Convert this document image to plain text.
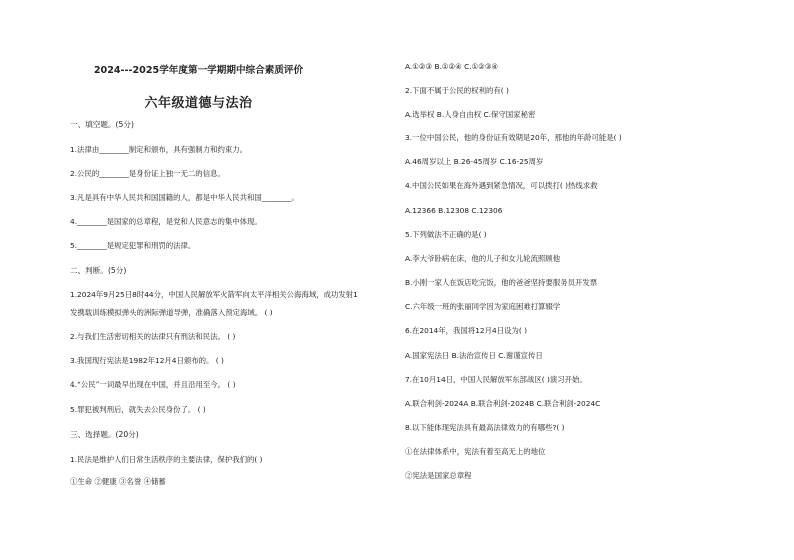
2024---2025学年度第一学期期中综合素质评价
六年级道德与法治
一、填空题。(5分)
1.法律由________制定和颁布，具有强制力和约束力。
2.公民的________是身份证上独一无二的信息。
3.凡是具有中华人民共和国国籍的人，都是中华人民共和国________。
4.________是国家的总章程，是党和人民意志的集中体现。
5.________是规定犯罪和刑罚的法律。
二、判断。(5分)
1.2024年9月25日8时44分，中国人民解放军火箭军向太平洋相关公海海域，成功发射1
发携载训练模拟弹头的洲际弹道导弹，准确落入预定海域。 ( )
2.与我们生活密切相关的法律只有刑法和民法。 ( )
3.我国现行宪法是1982年12月4日颁布的。 ( )
4.“公民”一词最早出现在中国，并且沿用至今。 ( )
5.罪犯被判刑后，就失去公民身份了。 ( )
三、选择题。(20分)
1.民法是维护人们日常生活秩序的主要法律，保护我们的( )
①生命 ②健康 ③名誉 ④储蓄
A.①②③ B.①②④ C.①②③④
2.下面不属于公民的权利的有( )
A.选举权 B.人身自由权 C.保守国家秘密
3.一位中国公民，他的身份证有效期是20年，那他的年龄可能是( )
A.46周岁以上 B.26-45周岁 C.16-25周岁
4.中国公民如果在海外遇到紧急情况，可以拨打( )热线求救
A.12366 B.12308 C.12306
5.下列做法不正确的是( )
A.李大爷卧病在床，他的儿子和女儿轮流照顾他
B.小刚一家人在饭店吃完饭，他的爸爸坚持要服务员开发票
C.六年级一班的张丽同学因为家庭困难打算辍学
6.在2014年，我国将12月4日设为( )
A.国家宪法日 B.法治宣传日 C.谢谨宣传日
7.在10月14日，中国人民解放军东部战区( )演习开始。
A.联合利剑-2024A B.联合利剑-2024B C.联合利剑-2024C
8.以下能体现宪法具有最高法律效力的有哪些?( )
①在法律体系中，宪法有着至高无上的地位
②宪法是国家总章程
